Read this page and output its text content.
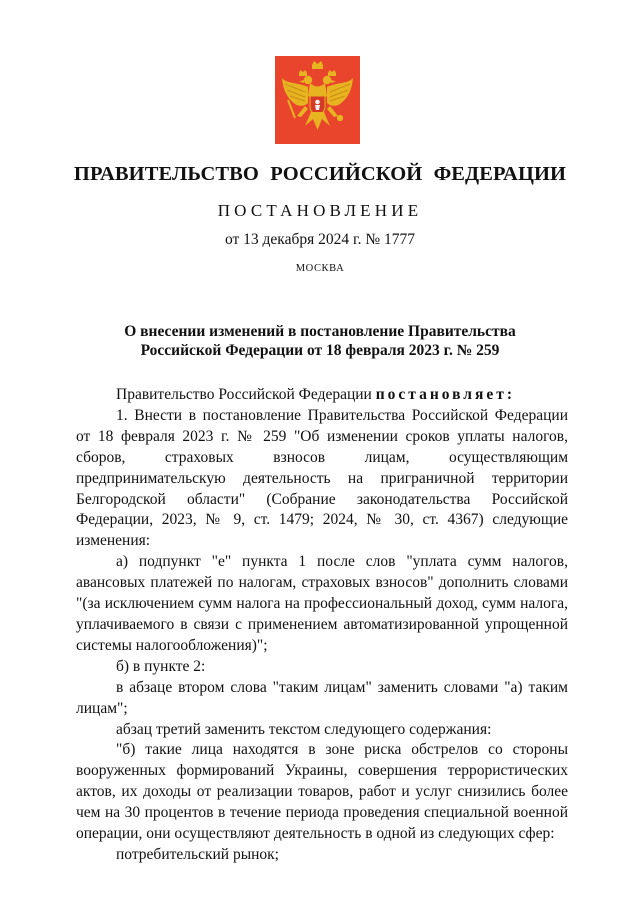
ПРАВИТЕЛЬСТВО РОССИЙСКОЙ ФЕДЕРАЦИИ
ПОСТАНОВЛЕНИЕ
от 13 декабря 2024 г. № 1777
МОСКВА
О внесении изменений в постановление Правительства
Российской Федерации от 18 февраля 2023 г. № 259

Правительство Российской Федерации постановляет:

1. Внести в постановление Правительства Российской Федерации от 18 февраля 2023 г. № 259 "Об изменении сроков уплаты налогов, сборов, страховых взносов лицам, осуществляющим предпринимательскую деятельность на приграничной территории Белгородской области" (Собрание законодательства Российской Федерации, 2023, № 9, ст. 1479; 2024, № 30, ст. 4367) следующие изменения:

а) подпункт "е" пункта 1 после слов "уплата сумм налогов, авансовых платежей по налогам, страховых взносов" дополнить словами "(за исключением сумм налога на профессиональный доход, сумм налога, уплачиваемого в связи с применением автоматизированной упрощенной системы налогообложения)";

б) в пункте 2:

в абзаце втором слова "таким лицам" заменить словами "а) таким лицам";

абзац третий заменить текстом следующего содержания:

"б) такие лица находятся в зоне риска обстрелов со стороны вооруженных формирований Украины, совершения террористических актов, их доходы от реализации товаров, работ и услуг снизились более чем на 30 процентов в течение периода проведения специальной военной операции, они осуществляют деятельность в одной из следующих сфер:

потребительский рынок;
